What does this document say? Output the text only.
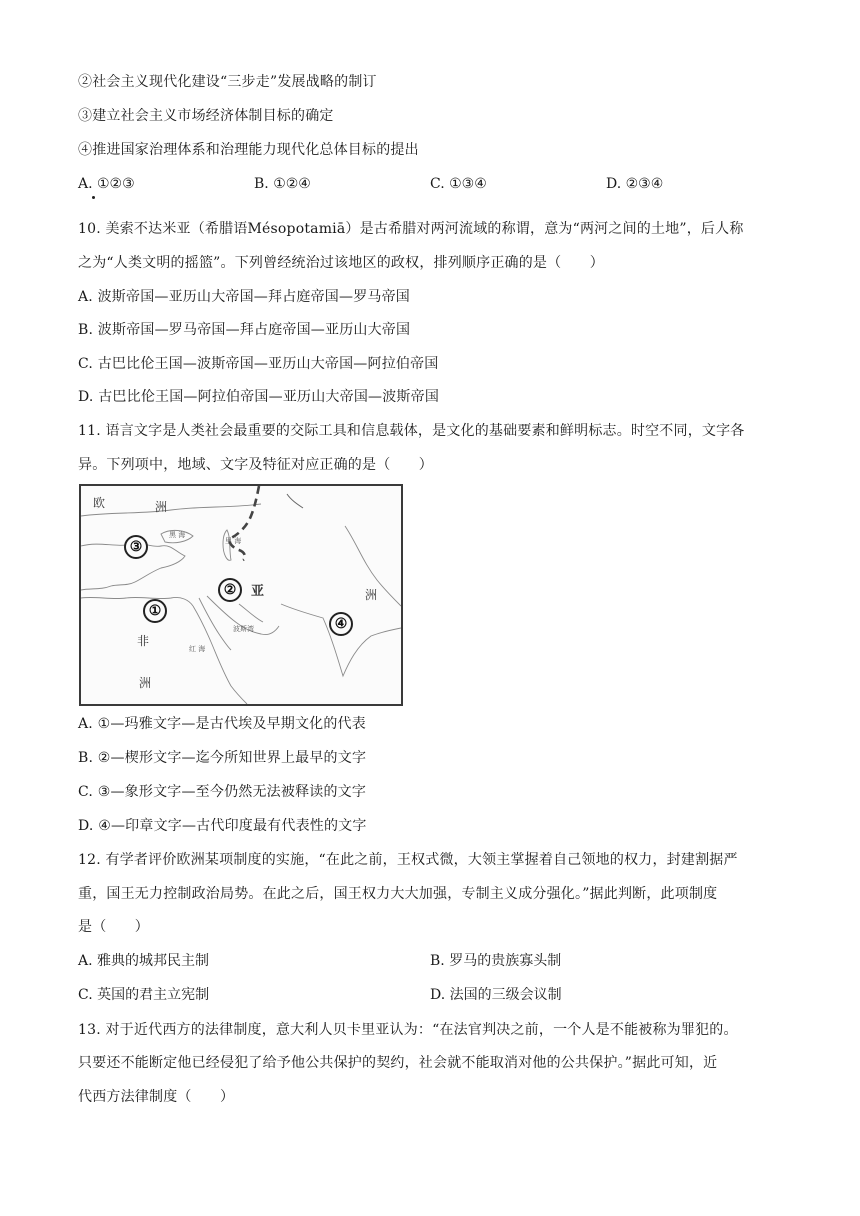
②社会主义现代化建设“三步走”发展战略的制订
③建立社会主义市场经济体制目标的确定
④推进国家治理体系和治理能力现代化总体目标的提出
A. ①②③	B. ①②④	C. ①③④	D. ②③④
10. 美索不达米亚（希腊语Mésopotamiā）是古希腊对两河流域的称谓，意为“两河之间的土地”，后人称
之为“人类文明的摇篮”。下列曾经统治过该地区的政权，排列顺序正确的是（　　）
A. 波斯帝国—亚历山大帝国—拜占庭帝国—罗马帝国
B. 波斯帝国—罗马帝国—拜占庭帝国—亚历山大帝国
C. 古巴比伦王国—波斯帝国—亚历山大帝国—阿拉伯帝国
D. 古巴比伦王国—阿拉伯帝国—亚历山大帝国—波斯帝国
11. 语言文字是人类社会最重要的交际工具和信息载体，是文化的基础要素和鲜明标志。时空不同，文字各
异。下列项中，地域、文字及特征对应正确的是（　　）
欧	洲
亚	洲
非
洲
黑 海
里 海
红 海
波斯湾
③
②
①
④
A. ①—玛雅文字—是古代埃及早期文化的代表
B. ②—楔形文字—迄今所知世界上最早的文字
C. ③—象形文字—至今仍然无法被释读的文字
D. ④—印章文字—古代印度最有代表性的文字
12. 有学者评价欧洲某项制度的实施，“在此之前，王权式微，大领主掌握着自己领地的权力，封建割据严
重，国王无力控制政治局势。在此之后，国王权力大大加强，专制主义成分强化。”据此判断，此项制度
是（　　）
A. 雅典的城邦民主制	B. 罗马的贵族寡头制
C. 英国的君主立宪制	D. 法国的三级会议制
13. 对于近代西方的法律制度，意大利人贝卡里亚认为：“在法官判决之前，一个人是不能被称为罪犯的。
只要还不能断定他已经侵犯了给予他公共保护的契约，社会就不能取消对他的公共保护。”据此可知，近
代西方法律制度（　　）
